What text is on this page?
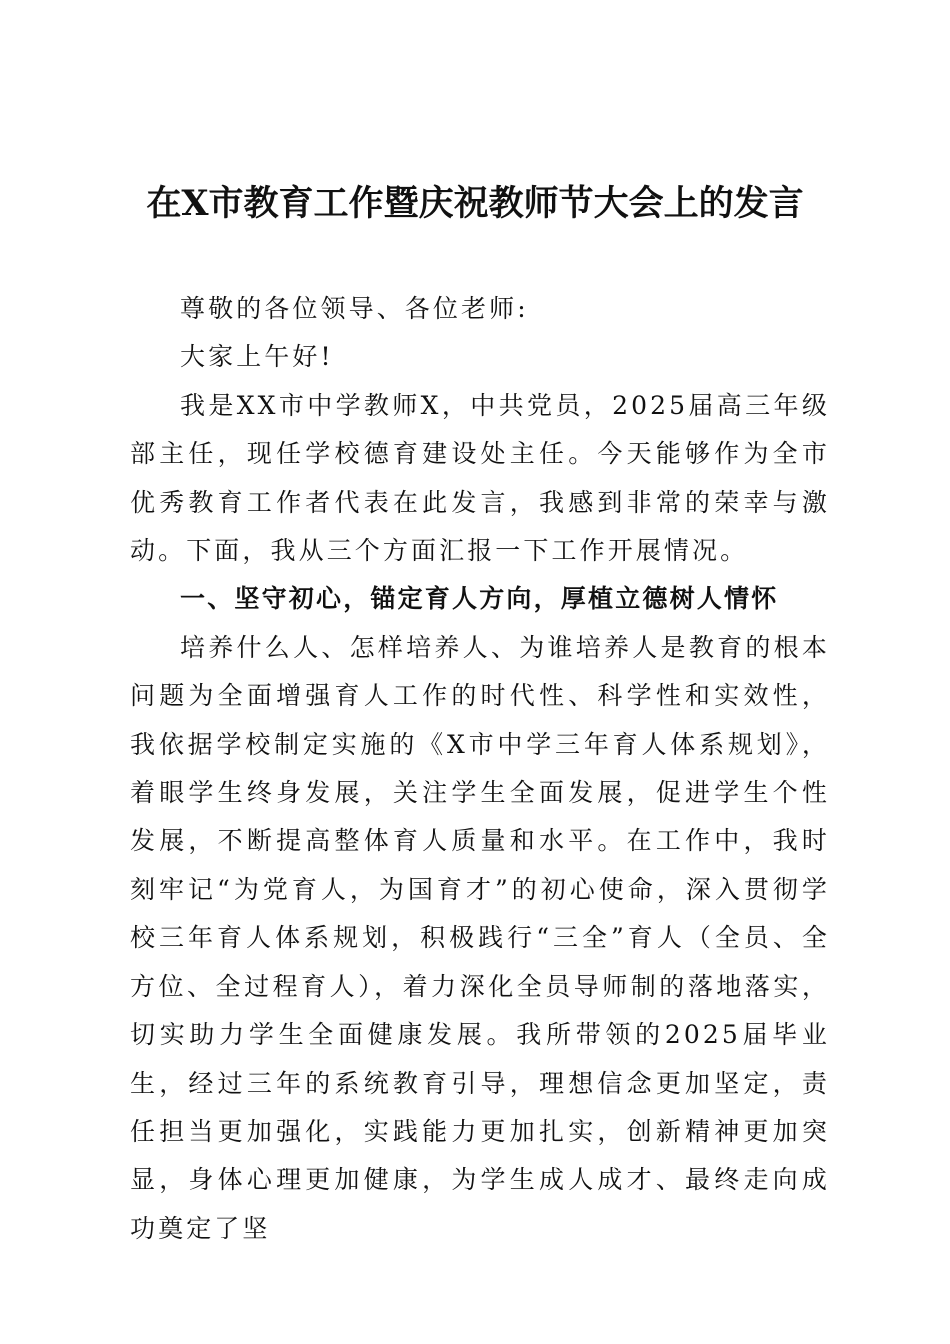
在X市教育工作暨庆祝教师节大会上的发言

尊敬的各位领导、各位老师:

大家上午好!

我是XX市中学教师X，中共党员，2025届高三年级部主任，现任学校德育建设处主任。今天能够作为全市优秀教育工作者代表在此发言，我感到非常的荣幸与激动。下面，我从三个方面汇报一下工作开展情况。

一、坚守初心，锚定育人方向，厚植立德树人情怀

培养什么人、怎样培养人、为谁培养人是教育的根本问题为全面增强育人工作的时代性、科学性和实效性，我依据学校制定实施的《X市中学三年育人体系规划》，着眼学生终身发展，关注学生全面发展，促进学生个性发展，不断提高整体育人质量和水平。在工作中，我时刻牢记“为党育人，为国育才”的初心使命，深入贯彻学校三年育人体系规划，积极践行“三全”育人（全员、全方位、全过程育人），着力深化全员导师制的落地落实，切实助力学生全面健康发展。我所带领的2025届毕业生，经过三年的系统教育引导，理想信念更加坚定，责任担当更加强化，实践能力更加扎实，创新精神更加突显，身体心理更加健康，为学生成人成才、最终走向成功奠定了坚
